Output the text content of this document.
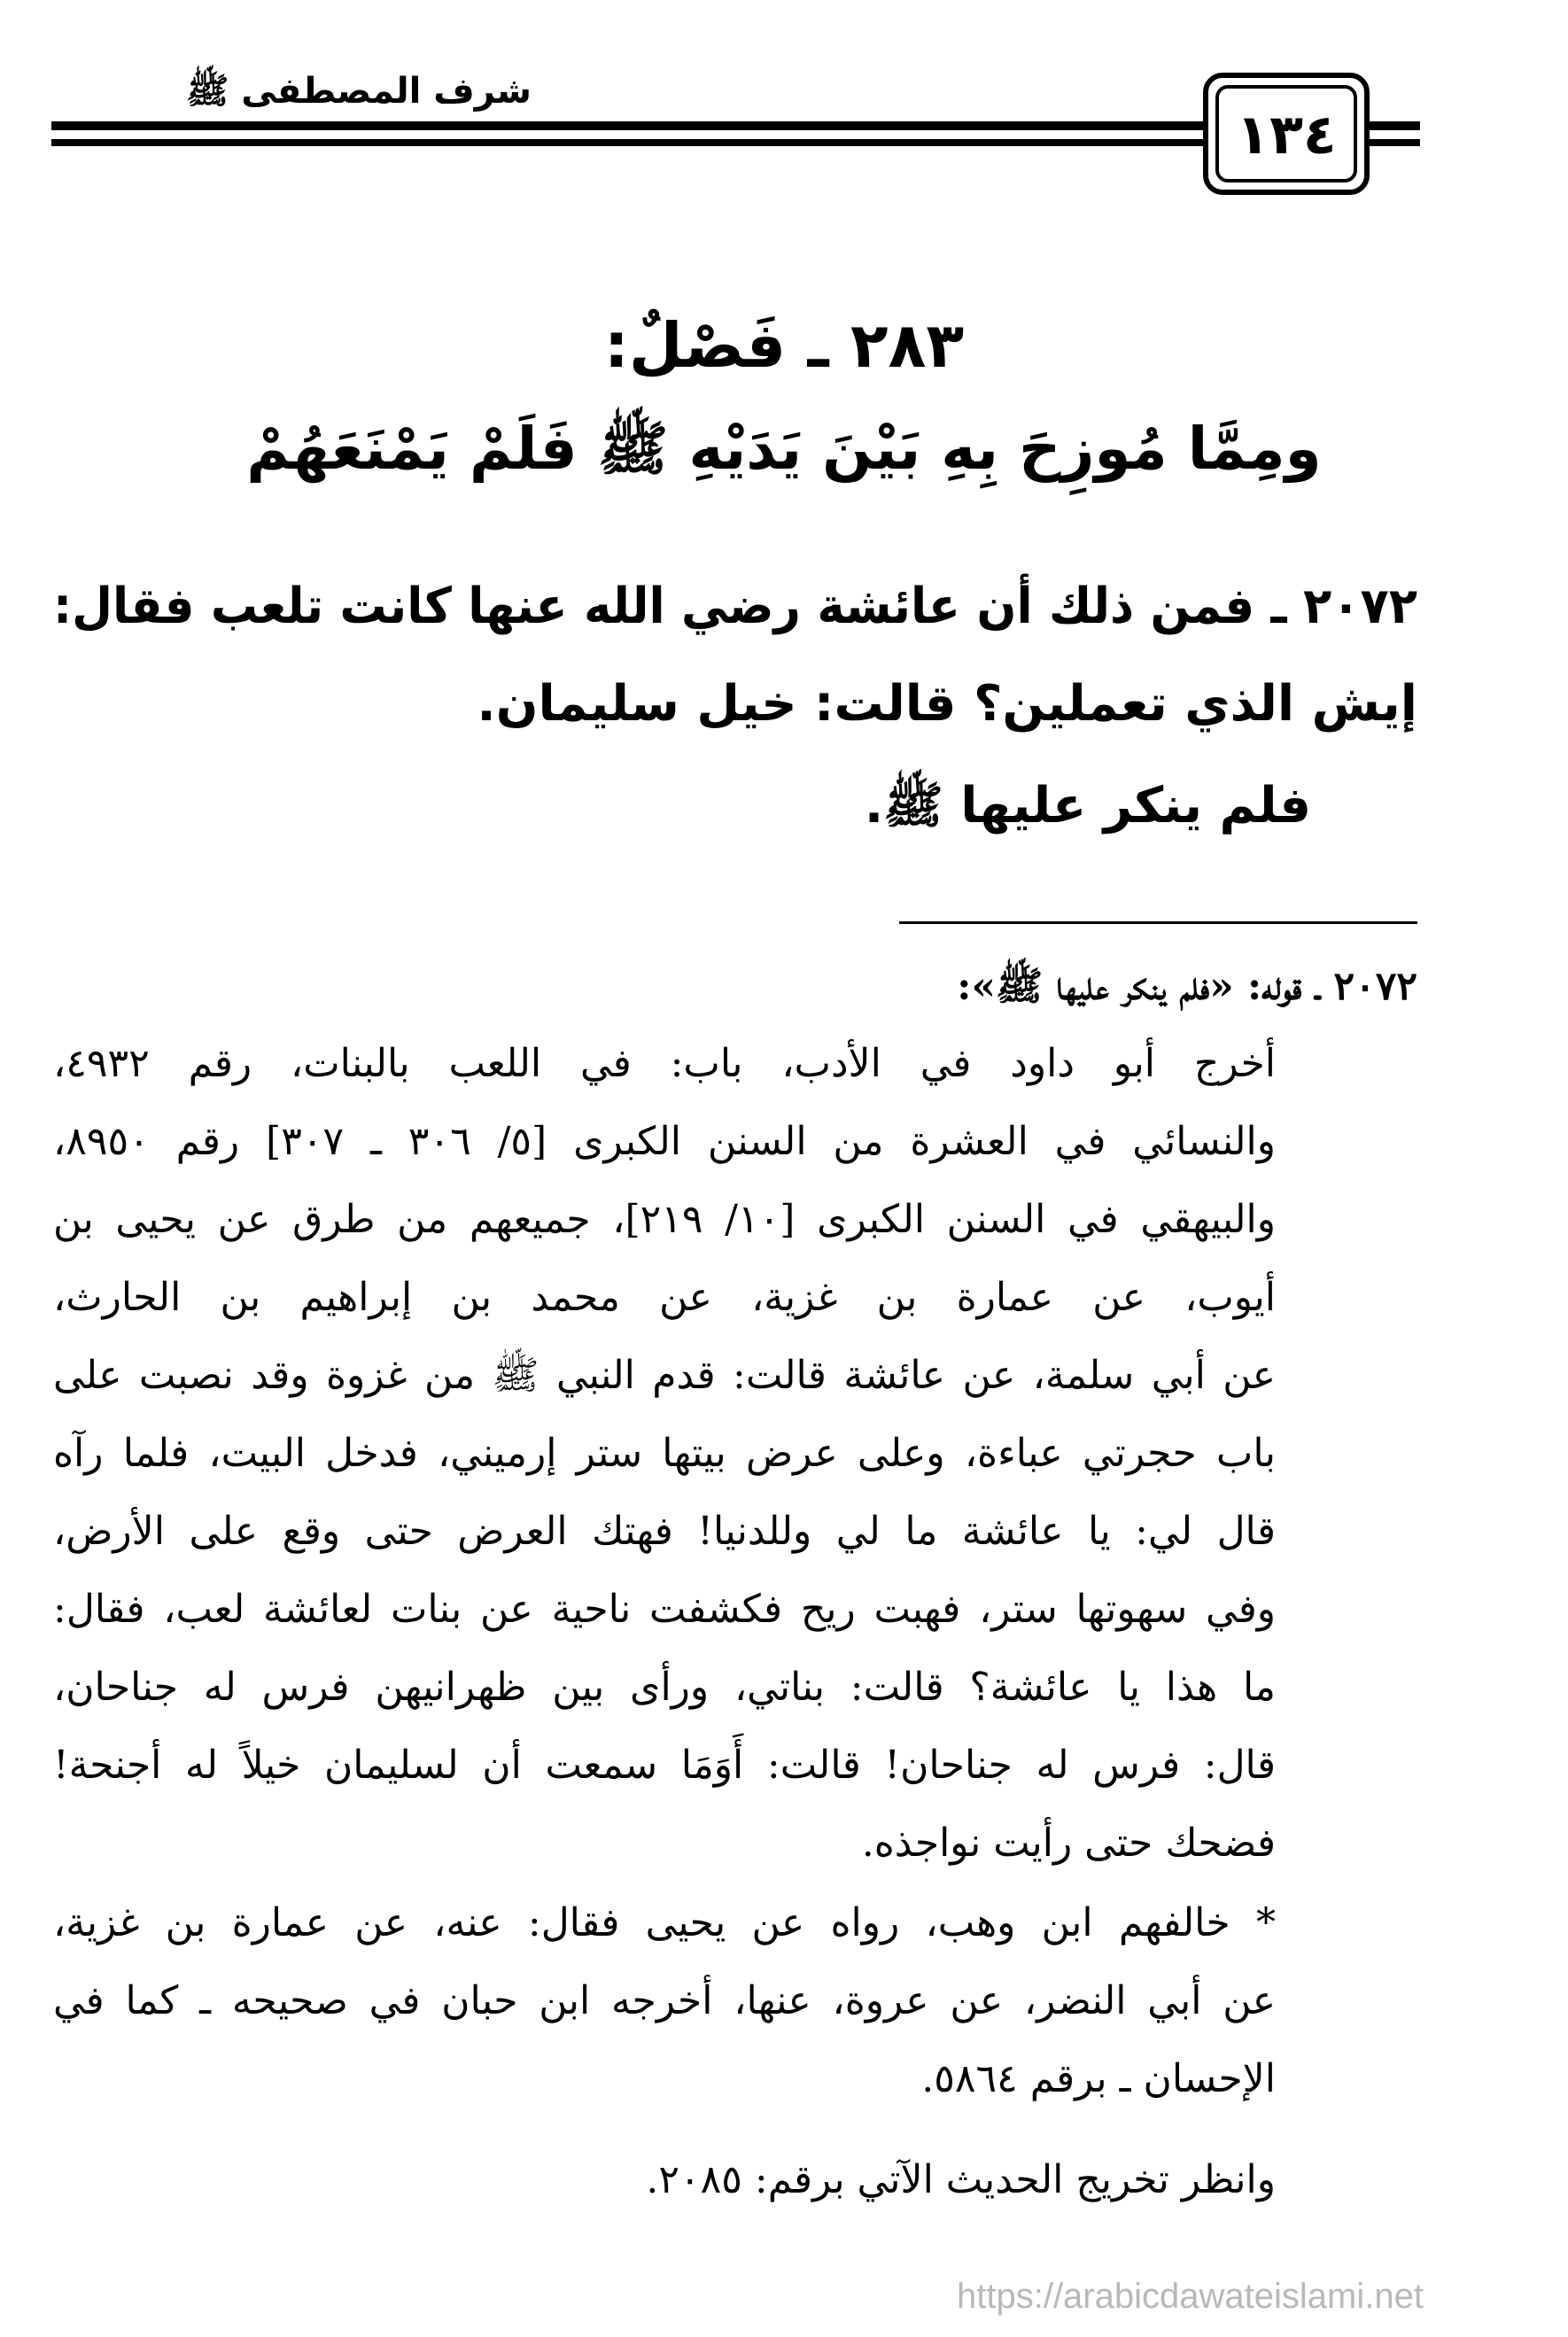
شرف المصطفى ﷺ
١٣٤
٢٨٣ ـ فَصْلٌ:
ومِمَّا مُوزِحَ بِهِ بَيْنَ يَدَيْهِ ﷺ فَلَمْ يَمْنَعَهُمْ
٢٠٧٢ ـ فمن ذلك أن عائشة رضي الله عنها كانت تلعب فقال:
إيش الذي تعملين؟ قالت: خيل سليمان.
فلم ينكر عليها ﷺ.
٢٠٧٢ ـ قوله: «فلم ينكر عليها ﷺ»:
أخرج أبو داود في الأدب، باب: في اللعب بالبنات، رقم ٤٩٣٢،
والنسائي في العشرة من السنن الكبرى [٥/ ٣٠٦ ـ ٣٠٧] رقم ٨٩٥٠،
والبيهقي في السنن الكبرى [١٠/ ٢١٩]، جميعهم من طرق عن يحيى بن
أيوب، عن عمارة بن غزية، عن محمد بن إبراهيم بن الحارث،
عن أبي سلمة، عن عائشة قالت: قدم النبي ﷺ من غزوة وقد نصبت على
باب حجرتي عباءة، وعلى عرض بيتها ستر إرميني، فدخل البيت، فلما رآه
قال لي: يا عائشة ما لي وللدنيا! فهتك العرض حتى وقع على الأرض،
وفي سهوتها ستر، فهبت ريح فكشفت ناحية عن بنات لعائشة لعب، فقال:
ما هذا يا عائشة؟ قالت: بناتي، ورأى بين ظهرانيهن فرس له جناحان،
قال: فرس له جناحان! قالت: أَوَمَا سمعت أن لسليمان خيلاً له أجنحة!
فضحك حتى رأيت نواجذه.
* خالفهم ابن وهب، رواه عن يحيى فقال: عنه، عن عمارة بن غزية،
عن أبي النضر، عن عروة، عنها، أخرجه ابن حبان في صحيحه ـ كما في
الإحسان ـ برقم ٥٨٦٤.
وانظر تخريج الحديث الآتي برقم: ٢٠٨٥.
https://arabicdawateislami.net
